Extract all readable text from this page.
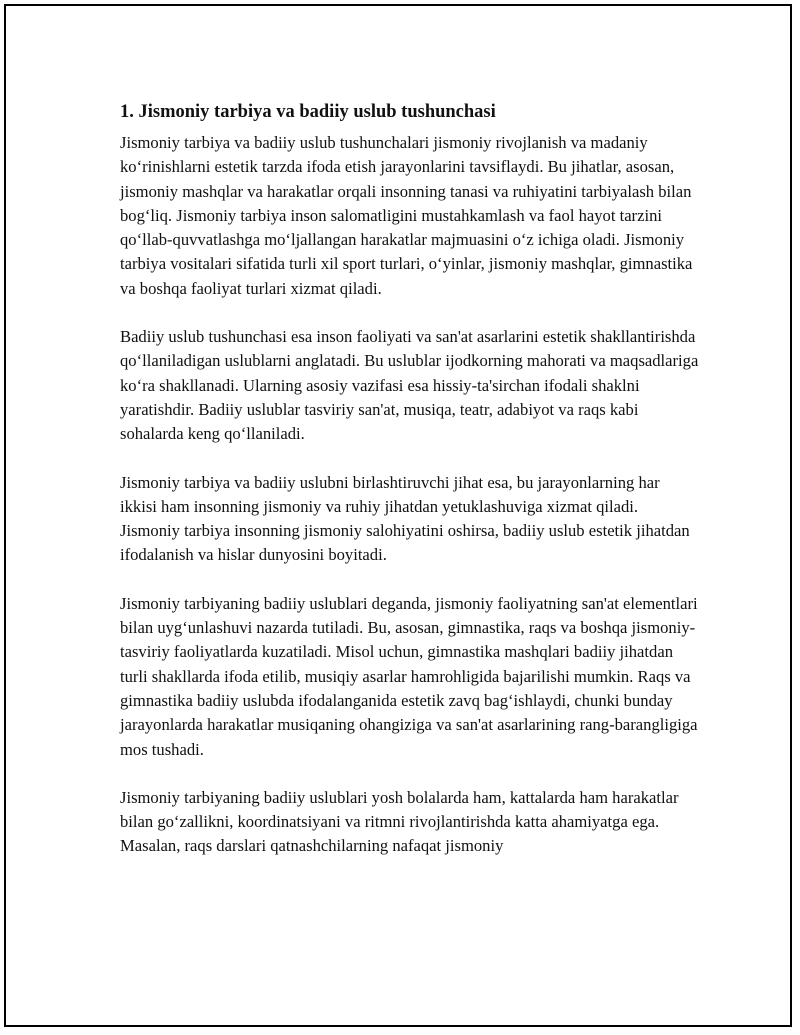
1. Jismoniy tarbiya va badiiy uslub tushunchasi

Jismoniy tarbiya va badiiy uslub tushunchalari jismoniy rivojlanish va madaniy koʻrinishlarni estetik tarzda ifoda etish jarayonlarini tavsiflaydi. Bu jihatlar, asosan, jismoniy mashqlar va harakatlar orqali insonning tanasi va ruhiyatini tarbiyalash bilan bogʻliq. Jismoniy tarbiya inson salomatligini mustahkamlash va faol hayot tarzini qoʻllab-quvvatlashga moʻljallangan harakatlar majmuasini oʻz ichiga oladi. Jismoniy tarbiya vositalari sifatida turli xil sport turlari, oʻyinlar, jismoniy mashqlar, gimnastika va boshqa faoliyat turlari xizmat qiladi.

Badiiy uslub tushunchasi esa inson faoliyati va san'at asarlarini estetik shakllantirishda qoʻllaniladigan uslublarni anglatadi. Bu uslublar ijodkorning mahorati va maqsadlariga koʻra shakllanadi. Ularning asosiy vazifasi esa hissiy-ta'sirchan ifodali shaklni yaratishdir. Badiiy uslublar tasviriy san'at, musiqa, teatr, adabiyot va raqs kabi sohalarda keng qoʻllaniladi.

Jismoniy tarbiya va badiiy uslubni birlashtiruvchi jihat esa, bu jarayonlarning har ikkisi ham insonning jismoniy va ruhiy jihatdan yetuklashuviga xizmat qiladi. Jismoniy tarbiya insonning jismoniy salohiyatini oshirsa, badiiy uslub estetik jihatdan ifodalanish va hislar dunyosini boyitadi.

Jismoniy tarbiyaning badiiy uslublari deganda, jismoniy faoliyatning san'at elementlari bilan uygʻunlashuvi nazarda tutiladi. Bu, asosan, gimnastika, raqs va boshqa jismoniy-tasviriy faoliyatlarda kuzatiladi. Misol uchun, gimnastika mashqlari badiiy jihatdan turli shakllarda ifoda etilib, musiqiy asarlar hamrohligida bajarilishi mumkin. Raqs va gimnastika badiiy uslubda ifodalanganida estetik zavq bagʻishlaydi, chunki bunday jarayonlarda harakatlar musiqaning ohangiziga va san'at asarlarining rang-barangligiga mos tushadi.

Jismoniy tarbiyaning badiiy uslublari yosh bolalarda ham, kattalarda ham harakatlar bilan goʻzallikni, koordinatsiyani va ritmni rivojlantirishda katta ahamiyatga ega. Masalan, raqs darslari qatnashchilarning nafaqat jismoniy
